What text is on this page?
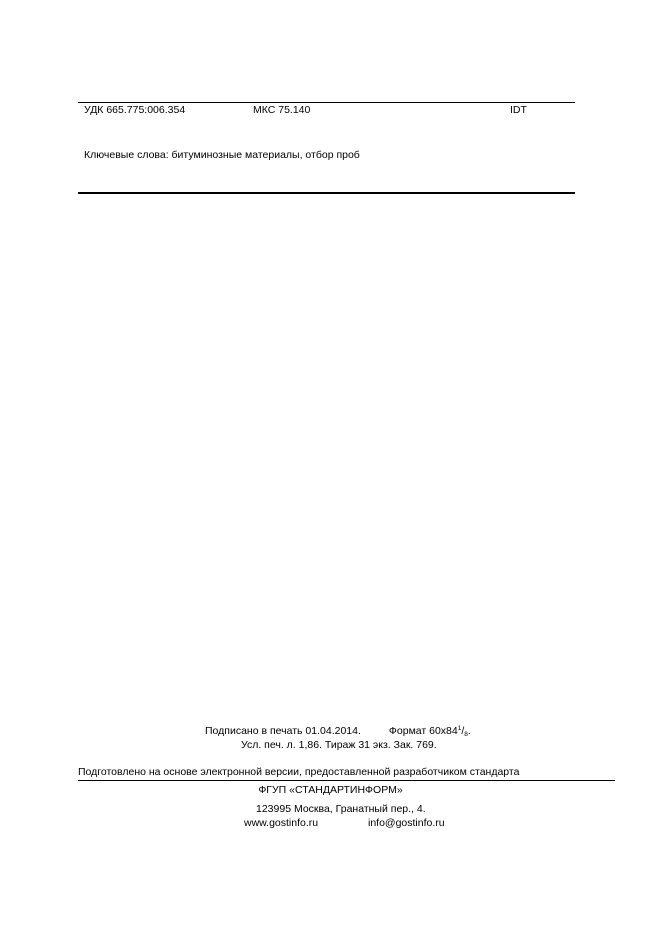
УДК 665.775:006.354	МКС 75.140	IDT
Ключевые слова: битуминозные материалы, отбор проб
Подписано в печать 01.04.2014.	Формат $60x84^1/_8$.
Усл. печ. л. 1,86. Тираж 31 экз. Зак. 769.
Подготовлено на основе электронной версии, предоставленной разработчиком стандарта
ФГУП «СТАНДАРТИНФОРМ»
123995 Москва, Гранатный пер., 4.
www.gostinfo.ru	info@gostinfo.ru
